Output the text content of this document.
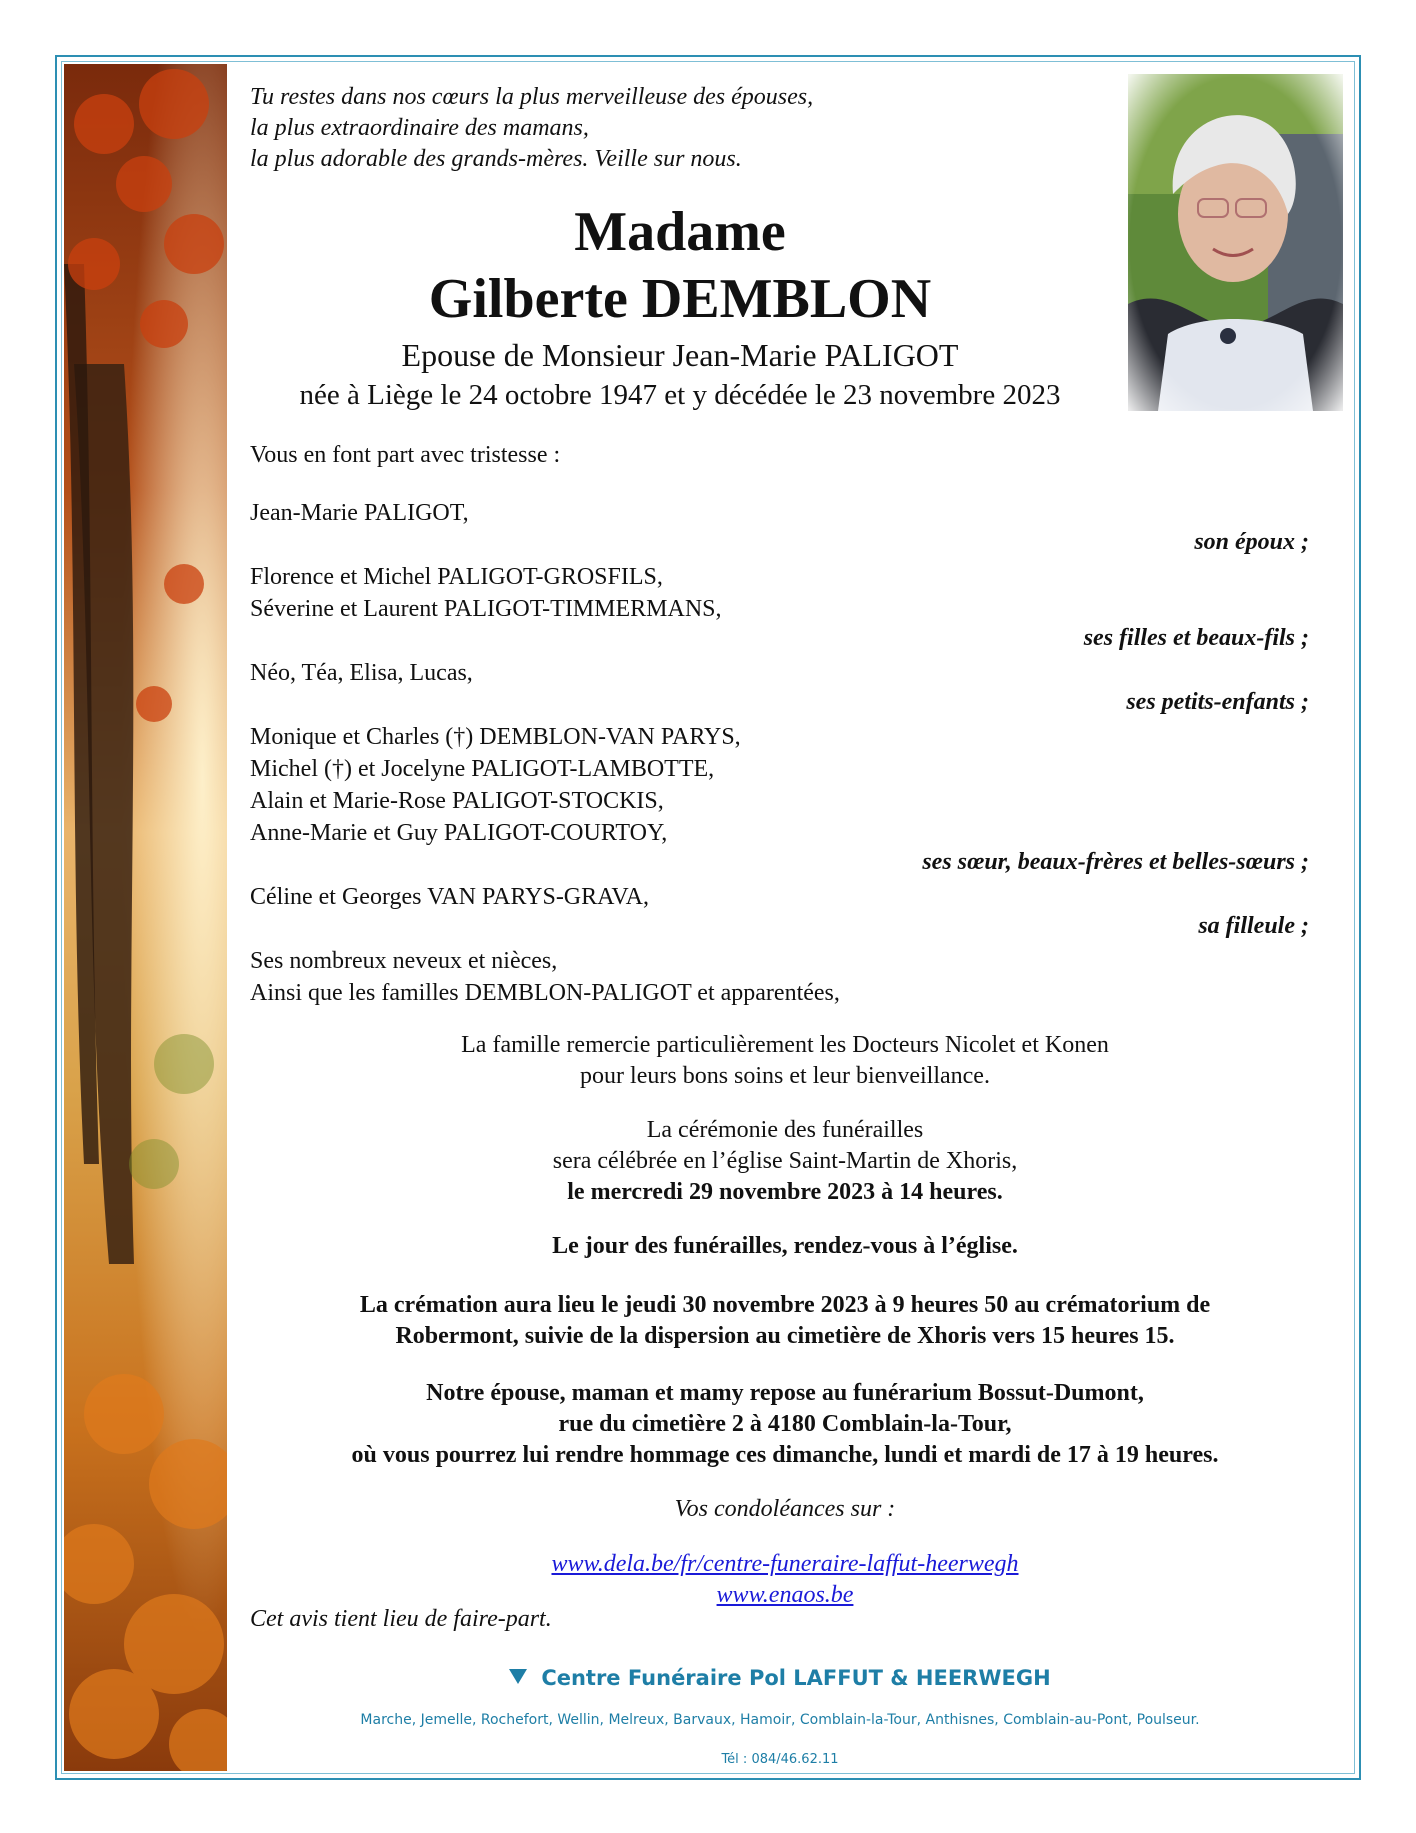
Tu restes dans nos cœurs la plus merveilleuse des épouses,
la plus extraordinaire des mamans,
la plus adorable des grands-mères. Veille sur nous.
Madame
Gilberte DEMBLON
Epouse de Monsieur Jean-Marie PALIGOT
née à Liège le 24 octobre 1947 et y décédée le 23 novembre 2023
Vous en font part avec tristesse :
Jean-Marie PALIGOT,
son époux ;
Florence et Michel PALIGOT-GROSFILS,
Séverine et Laurent PALIGOT-TIMMERMANS,
ses filles et beaux-fils ;
Néo, Téa, Elisa, Lucas,
ses petits-enfants ;
Monique et Charles (†) DEMBLON-VAN PARYS,
Michel (†) et Jocelyne PALIGOT-LAMBOTTE,
Alain et Marie-Rose PALIGOT-STOCKIS,
Anne-Marie et Guy PALIGOT-COURTOY,
ses sœur, beaux-frères et belles-sœurs ;
Céline et Georges VAN PARYS-GRAVA,
sa filleule ;
Ses nombreux neveux et nièces,
Ainsi que les familles DEMBLON-PALIGOT et apparentées,
La famille remercie particulièrement les Docteurs Nicolet et Konen
pour leurs bons soins et leur bienveillance.
La cérémonie des funérailles
sera célébrée en l’église Saint-Martin de Xhoris,
le mercredi 29 novembre 2023 à 14 heures.
Le jour des funérailles, rendez-vous à l’église.
La crémation aura lieu le jeudi 30 novembre 2023 à 9 heures 50 au crématorium de
Robermont, suivie de la dispersion au cimetière de Xhoris vers 15 heures 15.
Notre épouse, maman et mamy repose au funérarium Bossut-Dumont,
rue du cimetière 2 à 4180 Comblain-la-Tour,
où vous pourrez lui rendre hommage ces dimanche, lundi et mardi de 17 à 19 heures.
Vos condoléances sur :
www.dela.be/fr/centre-funeraire-laffut-heerwegh
www.enaos.be
Cet avis tient lieu de faire-part.
Centre Funéraire Pol LAFFUT & HEERWEGH
Marche, Jemelle, Rochefort, Wellin, Melreux, Barvaux, Hamoir, Comblain-la-Tour, Anthisnes, Comblain-au-Pont, Poulseur.
Tél : 084/46.62.11
